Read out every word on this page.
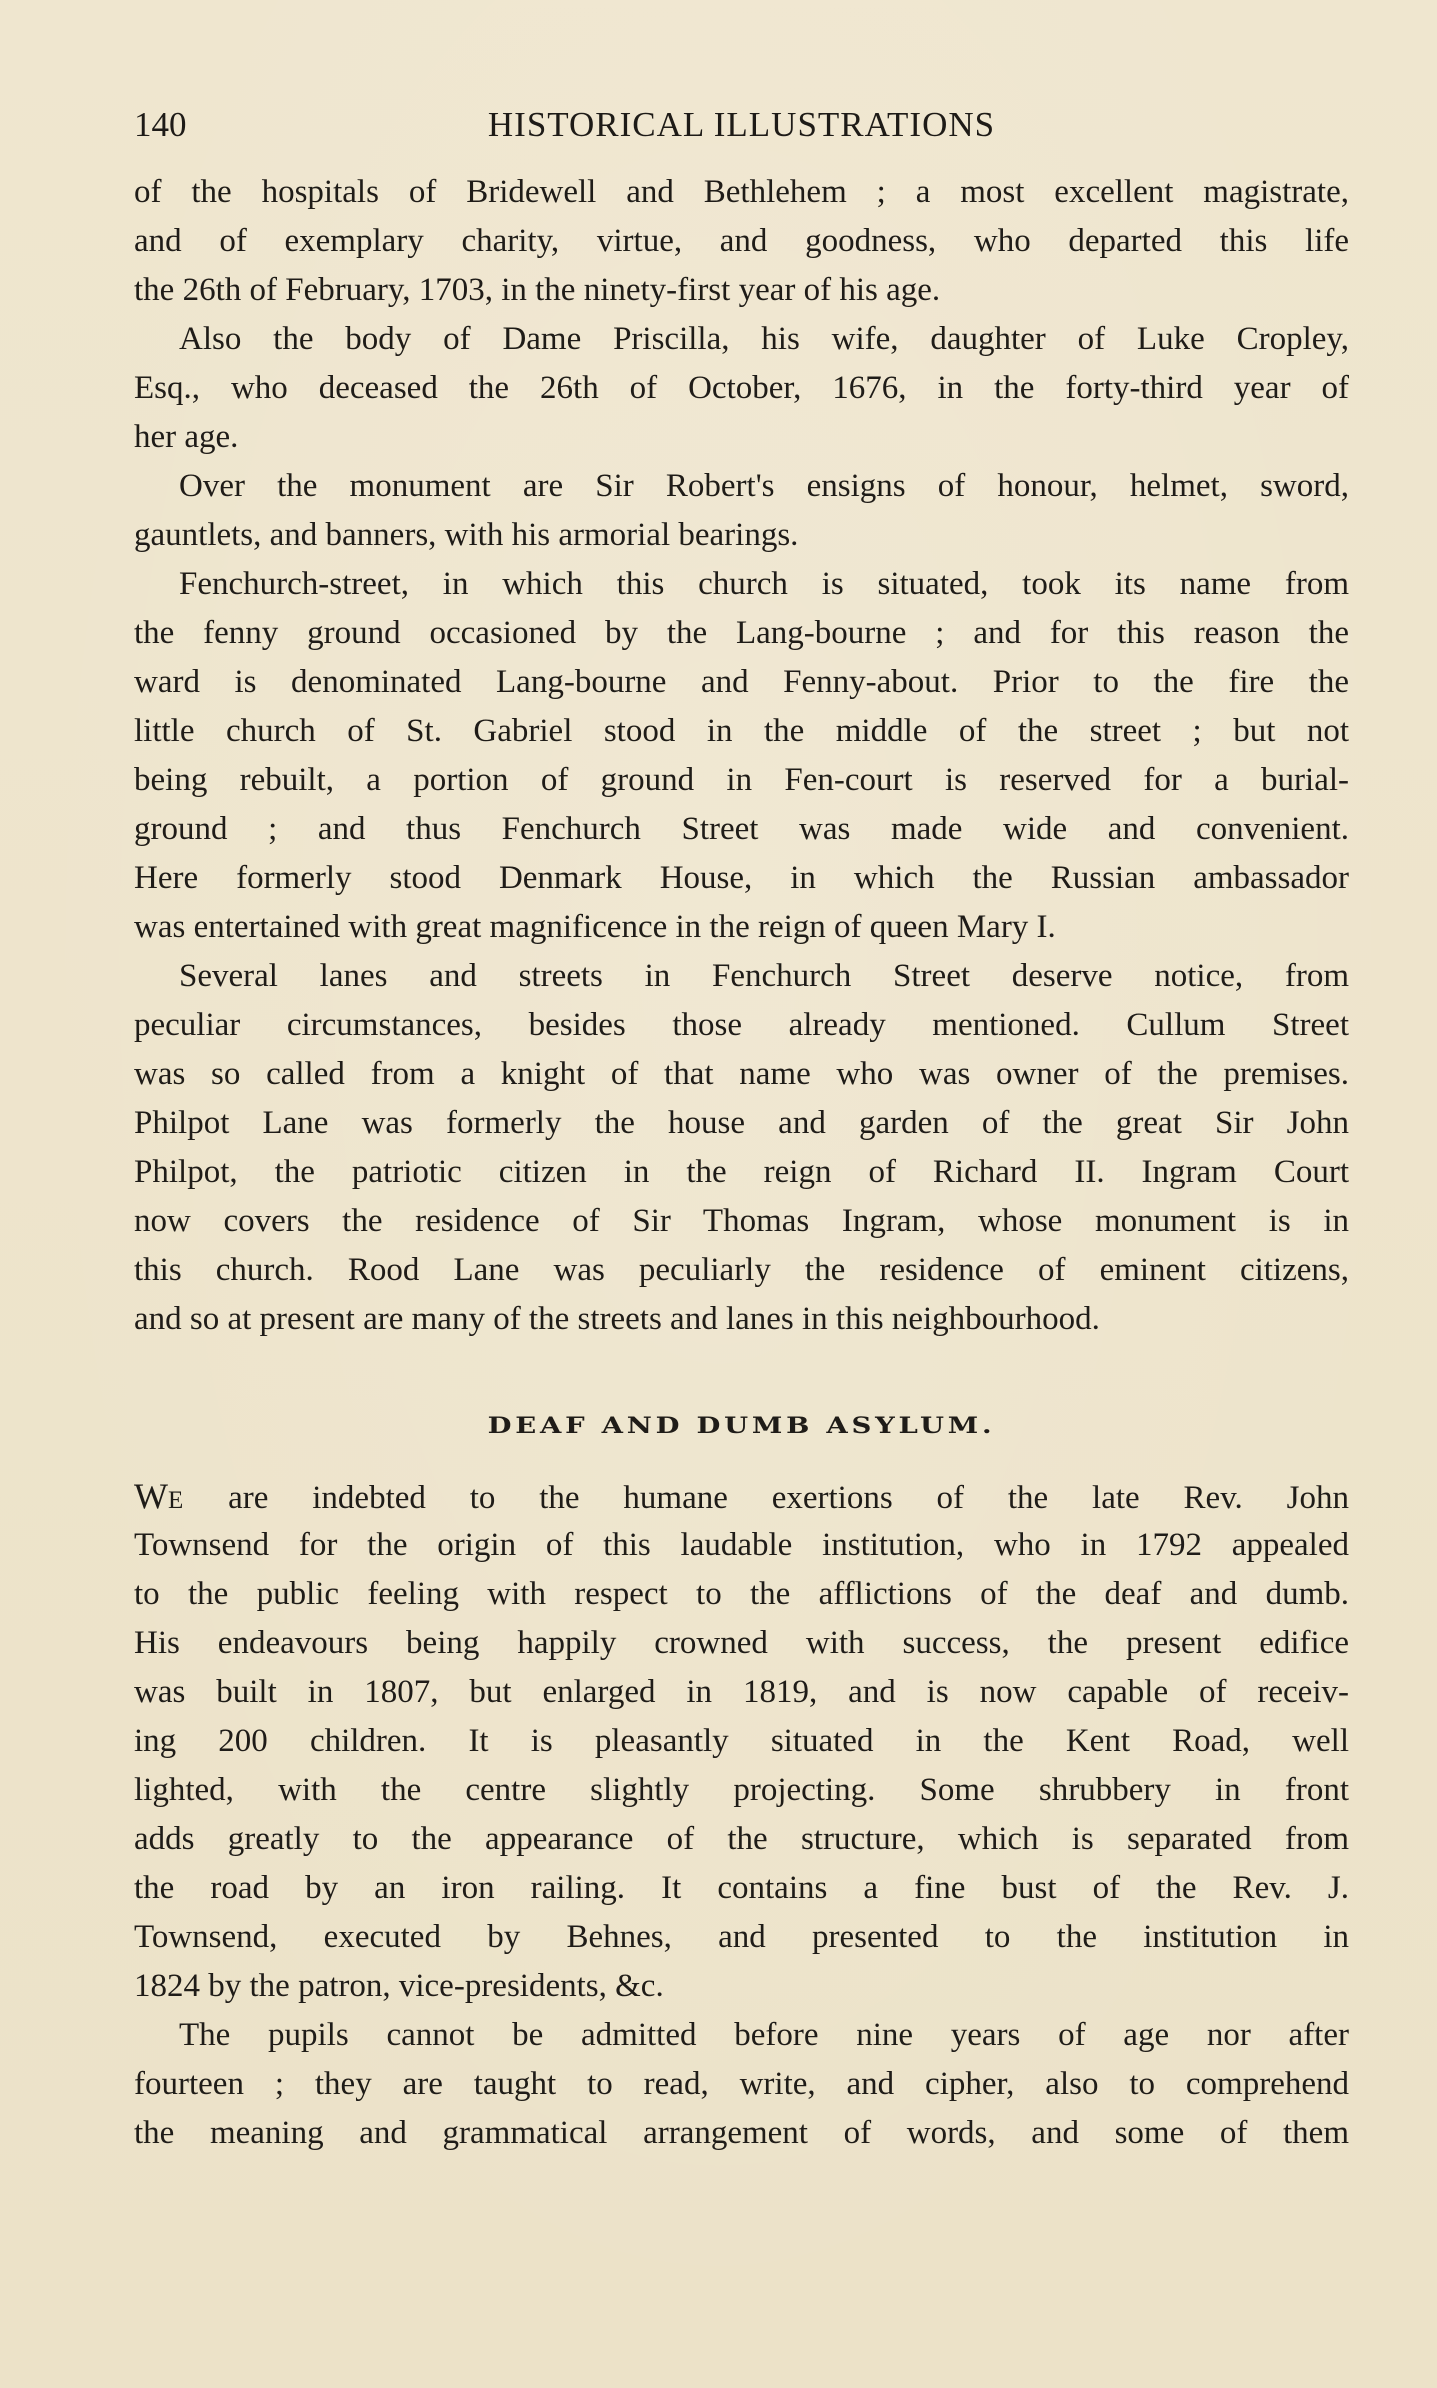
140	HISTORICAL ILLUSTRATIONS
of the hospitals of Bridewell and Bethlehem ; a most excellent magistrate,
and of exemplary charity, virtue, and goodness, who departed this life
the 26th of February, 1703, in the ninety-first year of his age.
Also the body of Dame Priscilla, his wife, daughter of Luke Cropley,
Esq., who deceased the 26th of October, 1676, in the forty-third year of
her age.
Over the monument are Sir Robert's ensigns of honour, helmet, sword,
gauntlets, and banners, with his armorial bearings.
Fenchurch-street, in which this church is situated, took its name from
the fenny ground occasioned by the Lang-bourne ; and for this reason the
ward is denominated Lang-bourne and Fenny-about. Prior to the fire the
little church of St. Gabriel stood in the middle of the street ; but not
being rebuilt, a portion of ground in Fen-court is reserved for a burial-
ground ; and thus Fenchurch Street was made wide and convenient.
Here formerly stood Denmark House, in which the Russian ambassador
was entertained with great magnificence in the reign of queen Mary I.
Several lanes and streets in Fenchurch Street deserve notice, from
peculiar circumstances, besides those already mentioned. Cullum Street
was so called from a knight of that name who was owner of the premises.
Philpot Lane was formerly the house and garden of the great Sir John
Philpot, the patriotic citizen in the reign of Richard II. Ingram Court
now covers the residence of Sir Thomas Ingram, whose monument is in
this church. Rood Lane was peculiarly the residence of eminent citizens,
and so at present are many of the streets and lanes in this neighbourhood.
DEAF AND DUMB ASYLUM.
WE are indebted to the humane exertions of the late Rev. John
Townsend for the origin of this laudable institution, who in 1792 appealed
to the public feeling with respect to the afflictions of the deaf and dumb.
His endeavours being happily crowned with success, the present edifice
was built in 1807, but enlarged in 1819, and is now capable of receiv-
ing 200 children. It is pleasantly situated in the Kent Road, well
lighted, with the centre slightly projecting. Some shrubbery in front
adds greatly to the appearance of the structure, which is separated from
the road by an iron railing. It contains a fine bust of the Rev. J.
Townsend, executed by Behnes, and presented to the institution in
1824 by the patron, vice-presidents, &c.
The pupils cannot be admitted before nine years of age nor after
fourteen ; they are taught to read, write, and cipher, also to comprehend
the meaning and grammatical arrangement of words, and some of them
